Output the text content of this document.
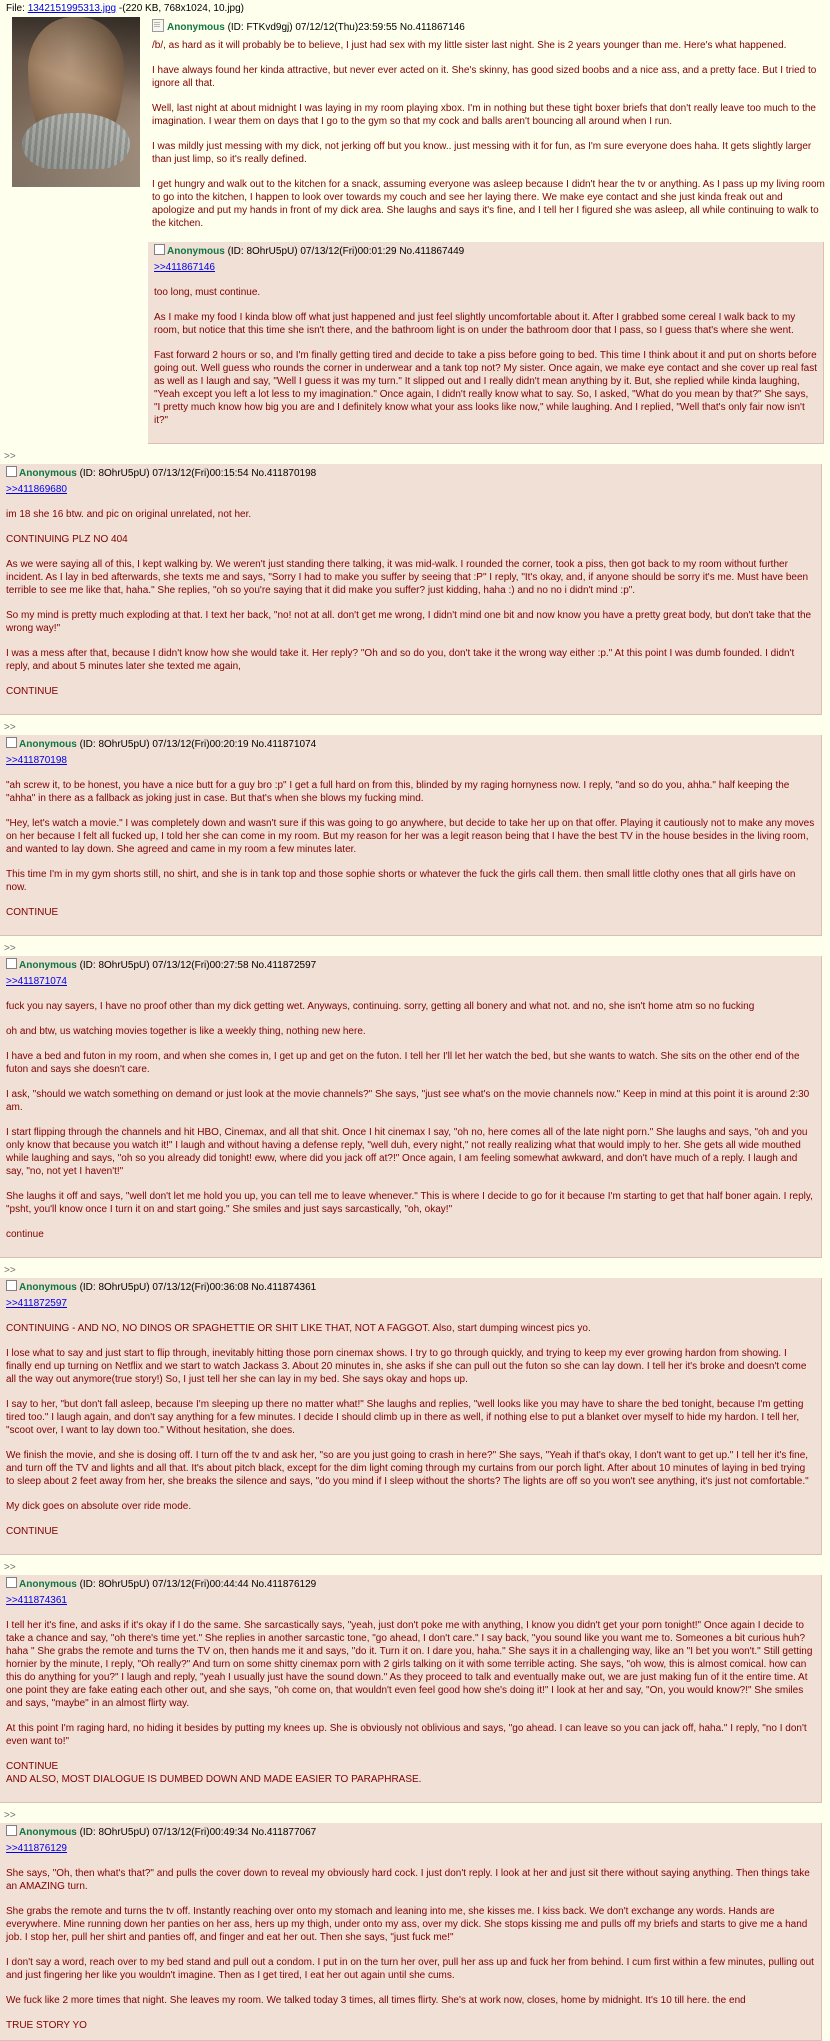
File: 1342151995313.jpg -(220 KB, 768x1024, 10.jpg)
Anonymous (ID: FTKvd9gj) 07/12/12(Thu)23:59:55 No.411867146

/b/, as hard as it will probably be to believe, I just had sex with my little sister last night. She is 2 years younger than me. Here's what happened.

I have always found her kinda attractive, but never ever acted on it. She's skinny, has good sized boobs and a nice ass, and a pretty face. But I tried to ignore all that.

Well, last night at about midnight I was laying in my room playing xbox. I'm in nothing but these tight boxer briefs that don't really leave too much to the imagination. I wear them on days that I go to the gym so that my cock and balls aren't bouncing all around when I run.

I was mildly just messing with my dick, not jerking off but you know.. just messing with it for fun, as I'm sure everyone does haha. It gets slightly larger than just limp, so it's really defined.

I get hungry and walk out to the kitchen for a snack, assuming everyone was asleep because I didn't hear the tv or anything. As I pass up my living room to go into the kitchen, I happen to look over towards my couch and see her laying there. We make eye contact and she just kinda freak out and apologize and put my hands in front of my dick area. She laughs and says it's fine, and I tell her I figured she was asleep, all while continuing to walk to the kitchen.

Anonymous (ID: 8OhrU5pU) 07/13/12(Fri)00:01:29 No.411867449

>>411867146

too long, must continue.

As I make my food I kinda blow off what just happened and just feel slightly uncomfortable about it. After I grabbed some cereal I walk back to my room, but notice that this time she isn't there, and the bathroom light is on under the bathroom door that I pass, so I guess that's where she went.

Fast forward 2 hours or so, and I'm finally getting tired and decide to take a piss before going to bed. This time I think about it and put on shorts before going out. Well guess who rounds the corner in underwear and a tank top not? My sister. Once again, we make eye contact and she cover up real fast as well as I laugh and say, "Well I guess it was my turn." It slipped out and I really didn't mean anything by it. But, she replied while kinda laughing, "Yeah except you left a lot less to my imagination." Once again, I didn't really know what to say. So, I asked, "What do you mean by that?" She says, "I pretty much know how big you are and I definitely know what your ass looks like now," while laughing. And I replied, "Well that's only fair now isn't it?"

>>
Anonymous (ID: 8OhrU5pU) 07/13/12(Fri)00:15:54 No.411870198

>>411869680

im 18 she 16 btw. and pic on original unrelated, not her.

CONTINUING PLZ NO 404

As we were saying all of this, I kept walking by. We weren't just standing there talking, it was mid-walk. I rounded the corner, took a piss, then got back to my room without further incident. As I lay in bed afterwards, she texts me and says, "Sorry I had to make you suffer by seeing that :P" I reply, "It's okay, and, if anyone should be sorry it's me. Must have been terrible to see me like that, haha." She replies, "oh so you're saying that it did make you suffer? just kidding, haha :) and no no i didn't mind :p".

So my mind is pretty much exploding at that. I text her back, "no! not at all. don't get me wrong, I didn't mind one bit and now know you have a pretty great body, but don't take that the wrong way!"

I was a mess after that, because I didn't know how she would take it. Her reply? "Oh and so do you, don't take it the wrong way either :p." At this point I was dumb founded. I didn't reply, and about 5 minutes later she texted me again,

CONTINUE

>>
Anonymous (ID: 8OhrU5pU) 07/13/12(Fri)00:20:19 No.411871074

>>411870198

"ah screw it, to be honest, you have a nice butt for a guy bro :p" I get a full hard on from this, blinded by my raging hornyness now. I reply, "and so do you, ahha." half keeping the "ahha" in there as a fallback as joking just in case. But that's when she blows my fucking mind.

"Hey, let's watch a movie." I was completely down and wasn't sure if this was going to go anywhere, but decide to take her up on that offer. Playing it cautiously not to make any moves on her because I felt all fucked up, I told her she can come in my room. But my reason for her was a legit reason being that I have the best TV in the house besides in the living room, and wanted to lay down. She agreed and came in my room a few minutes later.

This time I'm in my gym shorts still, no shirt, and she is in tank top and those sophie shorts or whatever the fuck the girls call them. then small little clothy ones that all girls have on now.

CONTINUE

>>
Anonymous (ID: 8OhrU5pU) 07/13/12(Fri)00:27:58 No.411872597

>>411871074

fuck you nay sayers, I have no proof other than my dick getting wet. Anyways, continuing. sorry, getting all bonery and what not. and no, she isn't home atm so no fucking

oh and btw, us watching movies together is like a weekly thing, nothing new here.

I have a bed and futon in my room, and when she comes in, I get up and get on the futon. I tell her I'll let her watch the bed, but she wants to watch. She sits on the other end of the futon and says she doesn't care.

I ask, "should we watch something on demand or just look at the movie channels?" She says, "just see what's on the movie channels now." Keep in mind at this point it is around 2:30 am.

I start flipping through the channels and hit HBO, Cinemax, and all that shit. Once I hit cinemax I say, "oh no, here comes all of the late night porn." She laughs and says, "oh and you only know that because you watch it!" I laugh and without having a defense reply, "well duh, every night," not really realizing what that would imply to her. She gets all wide mouthed while laughing and says, "oh so you already did tonight! eww, where did you jack off at?!" Once again, I am feeling somewhat awkward, and don't have much of a reply. I laugh and say, "no, not yet I haven't!"

She laughs it off and says, "well don't let me hold you up, you can tell me to leave whenever." This is where I decide to go for it because I'm starting to get that half boner again. I reply, "psht, you'll know once I turn it on and start going." She smiles and just says sarcastically, "oh, okay!"

continue

>>
Anonymous (ID: 8OhrU5pU) 07/13/12(Fri)00:36:08 No.411874361

>>411872597

CONTINUING - AND NO, NO DINOS OR SPAGHETTIE OR SHIT LIKE THAT, NOT A FAGGOT. Also, start dumping wincest pics yo.

I lose what to say and just start to flip through, inevitably hitting those porn cinemax shows. I try to go through quickly, and trying to keep my ever growing hardon from showing. I finally end up turning on Netflix and we start to watch Jackass 3. About 20 minutes in, she asks if she can pull out the futon so she can lay down. I tell her it's broke and doesn't come all the way out anymore(true story!) So, I just tell her she can lay in my bed. She says okay and hops up.

I say to her, "but don't fall asleep, because I'm sleeping up there no matter what!" She laughs and replies, "well looks like you may have to share the bed tonight, because I'm getting tired too." I laugh again, and don't say anything for a few minutes. I decide I should climb up in there as well, if nothing else to put a blanket over myself to hide my hardon. I tell her, "scoot over, I want to lay down too." Without hesitation, she does.

We finish the movie, and she is dosing off. I turn off the tv and ask her, "so are you just going to crash in here?" She says, "Yeah if that's okay, I don't want to get up." I tell her it's fine, and turn off the TV and lights and all that. It's about pitch black, except for the dim light coming through my curtains from our porch light. After about 10 minutes of laying in bed trying to sleep about 2 feet away from her, she breaks the silence and says, "do you mind if I sleep without the shorts? The lights are off so you won't see anything, it's just not comfortable."

My dick goes on absolute over ride mode.

CONTINUE

>>
Anonymous (ID: 8OhrU5pU) 07/13/12(Fri)00:44:44 No.411876129

>>411874361

I tell her it's fine, and asks if it's okay if I do the same. She sarcastically says, "yeah, just don't poke me with anything, I know you didn't get your porn tonight!" Once again I decide to take a chance and say, "oh there's time yet." She replies in another sarcastic tone, "go ahead, I don't care." I say back, "you sound like you want me to. Someones a bit curious huh? haha " She grabs the remote and turns the TV on, then hands me it and says, "do it. Turn it on. I dare you, haha." She says it in a challenging way, like an "I bet you won't." Still getting hornier by the minute, I reply, "Oh really?" And turn on some shitty cinemax porn with 2 girls talking on it with some terrible acting. She says, "oh wow, this is almost comical. how can this do anything for you?" I laugh and reply, "yeah I usually just have the sound down." As they proceed to talk and eventually make out, we are just making fun of it the entire time. At one point they are fake eating each other out, and she says, "oh come on, that wouldn't even feel good how she's doing it!" I look at her and say, "On, you would know?!" She smiles and says, "maybe" in an almost flirty way.

At this point I'm raging hard, no hiding it besides by putting my knees up. She is obviously not oblivious and says, "go ahead. I can leave so you can jack off, haha." I reply, "no I don't even want to!"

CONTINUE

AND ALSO, MOST DIALOGUE IS DUMBED DOWN AND MADE EASIER TO PARAPHRASE.

>>
Anonymous (ID: 8OhrU5pU) 07/13/12(Fri)00:49:34 No.411877067

>>411876129

She says, "Oh, then what's that?" and pulls the cover down to reveal my obviously hard cock. I just don't reply. I look at her and just sit there without saying anything. Then things take an AMAZING turn.

She grabs the remote and turns the tv off. Instantly reaching over onto my stomach and leaning into me, she kisses me. I kiss back. We don't exchange any words. Hands are everywhere. Mine running down her panties on her ass, hers up my thigh, under onto my ass, over my dick. She stops kissing me and pulls off my briefs and starts to give me a hand job. I stop her, pull her shirt and panties off, and finger and eat her out. Then she says, "just fuck me!"

I don't say a word, reach over to my bed stand and pull out a condom. I put in on the turn her over, pull her ass up and fuck her from behind. I cum first within a few minutes, pulling out and just fingering her like you wouldn't imagine. Then as I get tired, I eat her out again until she cums.

We fuck like 2 more times that night. She leaves my room. We talked today 3 times, all times flirty. She's at work now, closes, home by midnight. It's 10 till here. the end

TRUE STORY YO
